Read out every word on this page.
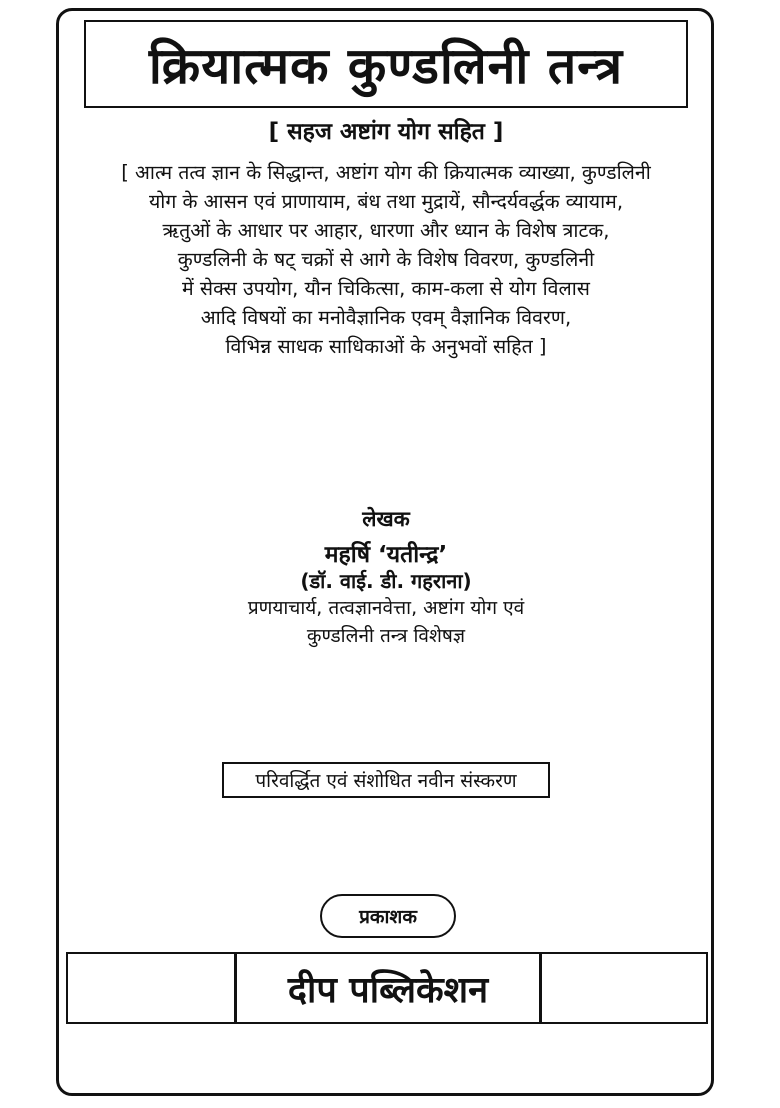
क्रियात्मक कुण्डलिनी तन्त्र
[ सहज अष्टांग योग सहित ]
[ आत्म तत्व ज्ञान के सिद्धान्त, अष्टांग योग की क्रियात्मक व्याख्या, कुण्डलिनी
योग के आसन एवं प्राणायाम, बंध तथा मुद्रायें, सौन्दर्यवर्द्धक व्यायाम,
ऋतुओं के आधार पर आहार, धारणा और ध्यान के विशेष त्राटक,
कुण्डलिनी के षट् चक्रों से आगे के विशेष विवरण, कुण्डलिनी
में सेक्स उपयोग, यौन चिकित्सा, काम-कला से योग विलास
आदि विषयों का मनोवैज्ञानिक एवम् वैज्ञानिक विवरण,
विभिन्न साधक साधिकाओं के अनुभवों सहित ]
लेखक
महर्षि ‘यतीन्द्र’
(डॉ. वाई. डी. गहराना)
प्रणयाचार्य, तत्वज्ञानवेत्ता, अष्टांग योग एवं
कुण्डलिनी तन्त्र विशेषज्ञ
परिवर्द्धित एवं संशोधित नवीन संस्करण
प्रकाशक
दीप पब्लिकेशन
